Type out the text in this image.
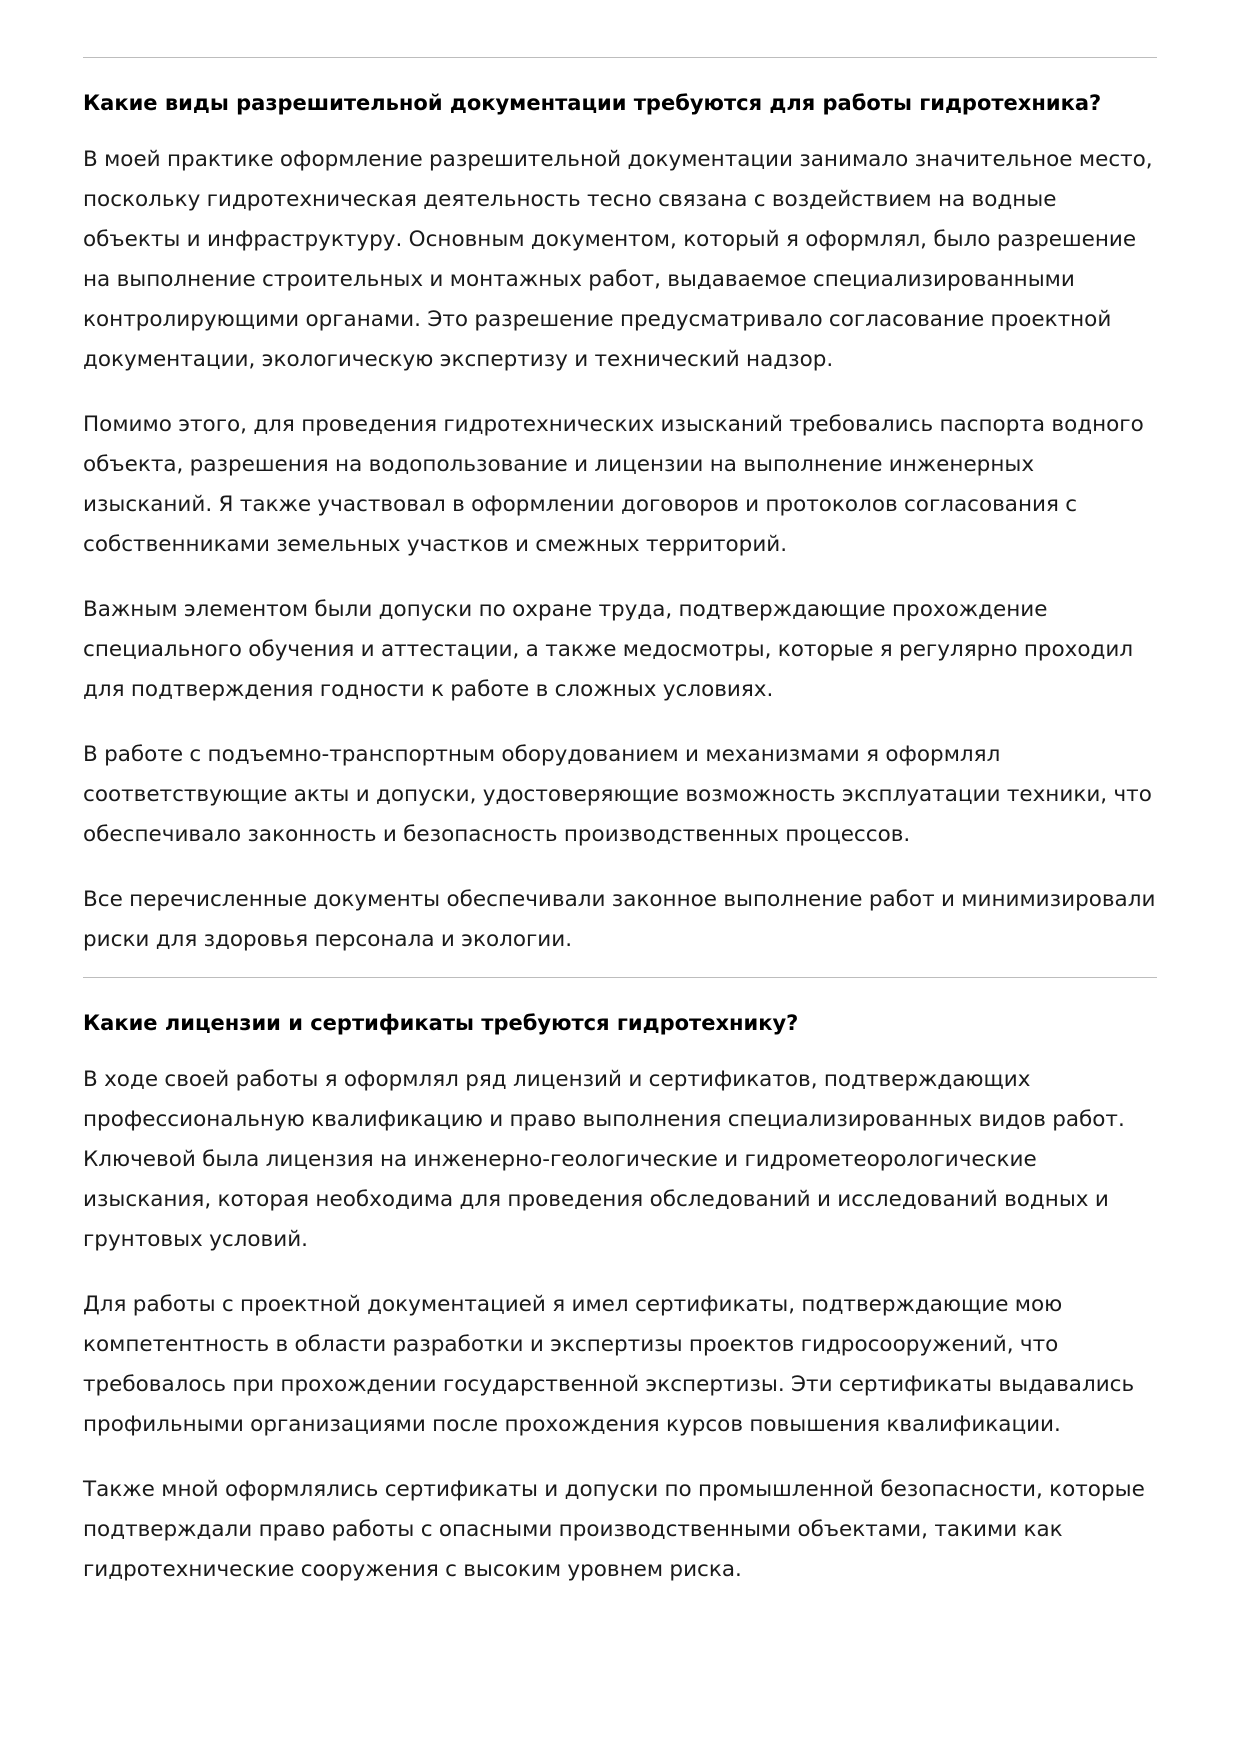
Какие виды разрешительной документации требуются для работы гидротехника?

В моей практике оформление разрешительной документации занимало значительное место, поскольку гидротехническая деятельность тесно связана с воздействием на водные объекты и инфраструктуру. Основным документом, который я оформлял, было разрешение на выполнение строительных и монтажных работ, выдаваемое специализированными контролирующими органами. Это разрешение предусматривало согласование проектной документации, экологическую экспертизу и технический надзор.

Помимо этого, для проведения гидротехнических изысканий требовались паспорта водного объекта, разрешения на водопользование и лицензии на выполнение инженерных изысканий. Я также участвовал в оформлении договоров и протоколов согласования с собственниками земельных участков и смежных территорий.

Важным элементом были допуски по охране труда, подтверждающие прохождение специального обучения и аттестации, а также медосмотры, которые я регулярно проходил для подтверждения годности к работе в сложных условиях.

В работе с подъемно-транспортным оборудованием и механизмами я оформлял соответствующие акты и допуски, удостоверяющие возможность эксплуатации техники, что обеспечивало законность и безопасность производственных процессов.

Все перечисленные документы обеспечивали законное выполнение работ и минимизировали риски для здоровья персонала и экологии.

Какие лицензии и сертификаты требуются гидротехнику?

В ходе своей работы я оформлял ряд лицензий и сертификатов, подтверждающих профессиональную квалификацию и право выполнения специализированных видов работ. Ключевой была лицензия на инженерно-геологические и гидрометеорологические изыскания, которая необходима для проведения обследований и исследований водных и грунтовых условий.

Для работы с проектной документацией я имел сертификаты, подтверждающие мою компетентность в области разработки и экспертизы проектов гидросооружений, что требовалось при прохождении государственной экспертизы. Эти сертификаты выдавались профильными организациями после прохождения курсов повышения квалификации.

Также мной оформлялись сертификаты и допуски по промышленной безопасности, которые подтверждали право работы с опасными производственными объектами, такими как гидротехнические сооружения с высоким уровнем риска.
